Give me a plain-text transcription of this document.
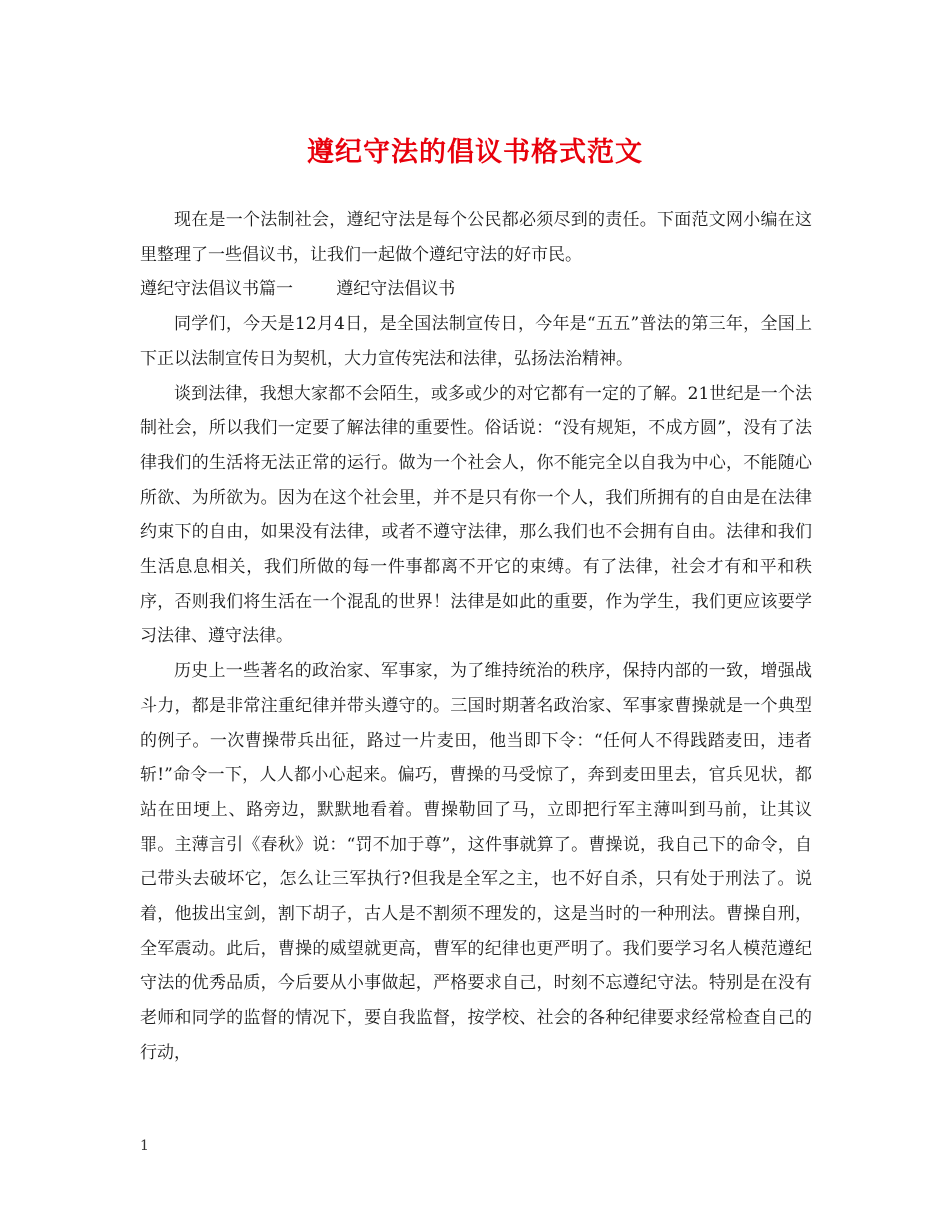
遵纪守法的倡议书格式范文

现在是一个法制社会，遵纪守法是每个公民都必须尽到的责任。下面范文网小编在这里整理了一些倡议书，让我们一起做个遵纪守法的好市民。

遵纪守法倡议书篇一	遵纪守法倡议书

同学们，今天是12月4日，是全国法制宣传日，今年是“五五”普法的第三年，全国上下正以法制宣传日为契机，大力宣传宪法和法律，弘扬法治精神。

谈到法律，我想大家都不会陌生，或多或少的对它都有一定的了解。21世纪是一个法制社会，所以我们一定要了解法律的重要性。俗话说：“没有规矩，不成方圆”，没有了法律我们的生活将无法正常的运行。做为一个社会人，你不能完全以自我为中心，不能随心所欲、为所欲为。因为在这个社会里，并不是只有你一个人，我们所拥有的自由是在法律约束下的自由，如果没有法律，或者不遵守法律，那么我们也不会拥有自由。法律和我们生活息息相关，我们所做的每一件事都离不开它的束缚。有了法律，社会才有和平和秩序，否则我们将生活在一个混乱的世界！法律是如此的重要，作为学生，我们更应该要学习法律、遵守法律。

历史上一些著名的政治家、军事家，为了维持统治的秩序，保持内部的一致，增强战斗力，都是非常注重纪律并带头遵守的。三国时期著名政治家、军事家曹操就是一个典型的例子。一次曹操带兵出征，路过一片麦田，他当即下令：“任何人不得践踏麦田，违者斩!”命令一下，人人都小心起来。偏巧，曹操的马受惊了，奔到麦田里去，官兵见状，都站在田埂上、路旁边，默默地看着。曹操勒回了马，立即把行军主薄叫到马前，让其议罪。主薄言引《春秋》说：“罚不加于尊”，这件事就算了。曹操说，我自己下的命令，自己带头去破坏它，怎么让三军执行?但我是全军之主，也不好自杀，只有处于刑法了。说着，他拔出宝剑，割下胡子，古人是不割须不理发的，这是当时的一种刑法。曹操自刑，全军震动。此后，曹操的威望就更高，曹军的纪律也更严明了。我们要学习名人模范遵纪守法的优秀品质，今后要从小事做起，严格要求自己，时刻不忘遵纪守法。特别是在没有老师和同学的监督的情况下，要自我监督，按学校、社会的各种纪律要求经常检查自己的行动，

1
